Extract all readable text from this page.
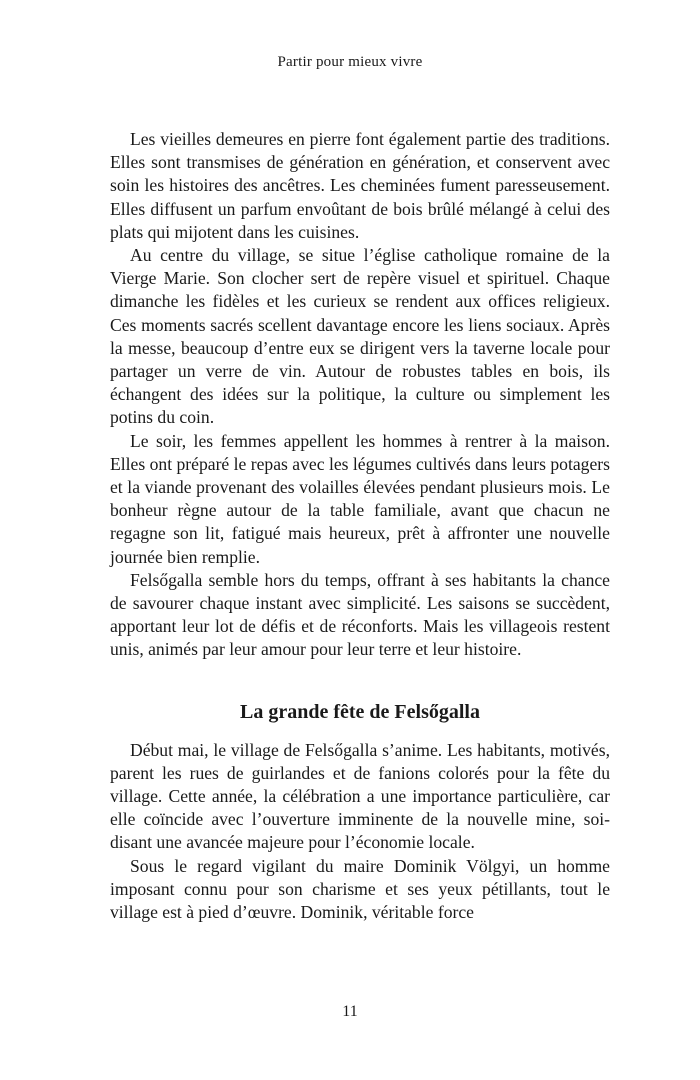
Partir pour mieux vivre

Les vieilles demeures en pierre font également partie des traditions. Elles sont transmises de génération en génération, et conservent avec soin les histoires des ancêtres. Les cheminées fument paresseusement. Elles diffusent un parfum envoûtant de bois brûlé mélangé à celui des plats qui mijotent dans les cuisines.

Au centre du village, se situe l’église catholique romaine de la Vierge Marie. Son clocher sert de repère visuel et spirituel. Chaque dimanche les fidèles et les curieux se rendent aux offices religieux. Ces moments sacrés scellent davantage encore les liens sociaux. Après la messe, beaucoup d’entre eux se dirigent vers la taverne locale pour partager un verre de vin. Autour de robustes tables en bois, ils échangent des idées sur la politique, la culture ou simplement les potins du coin.

Le soir, les femmes appellent les hommes à rentrer à la maison. Elles ont préparé le repas avec les légumes cultivés dans leurs potagers et la viande provenant des volailles élevées pendant plusieurs mois. Le bonheur règne autour de la table familiale, avant que chacun ne regagne son lit, fatigué mais heureux, prêt à affronter une nouvelle journée bien remplie.

Felsőgalla semble hors du temps, offrant à ses habitants la chance de savourer chaque instant avec simplicité. Les saisons se succèdent, apportant leur lot de défis et de réconforts. Mais les villageois restent unis, animés par leur amour pour leur terre et leur histoire.

La grande fête de Felsőgalla

Début mai, le village de Felsőgalla s’anime. Les habitants, motivés, parent les rues de guirlandes et de fanions colorés pour la fête du village. Cette année, la célébration a une importance particulière, car elle coïncide avec l’ouverture imminente de la nouvelle mine, soi-disant une avancée majeure pour l’économie locale.

Sous le regard vigilant du maire Dominik Völgyi, un homme imposant connu pour son charisme et ses yeux pétillants, tout le village est à pied d’œuvre. Dominik, véritable force

11
